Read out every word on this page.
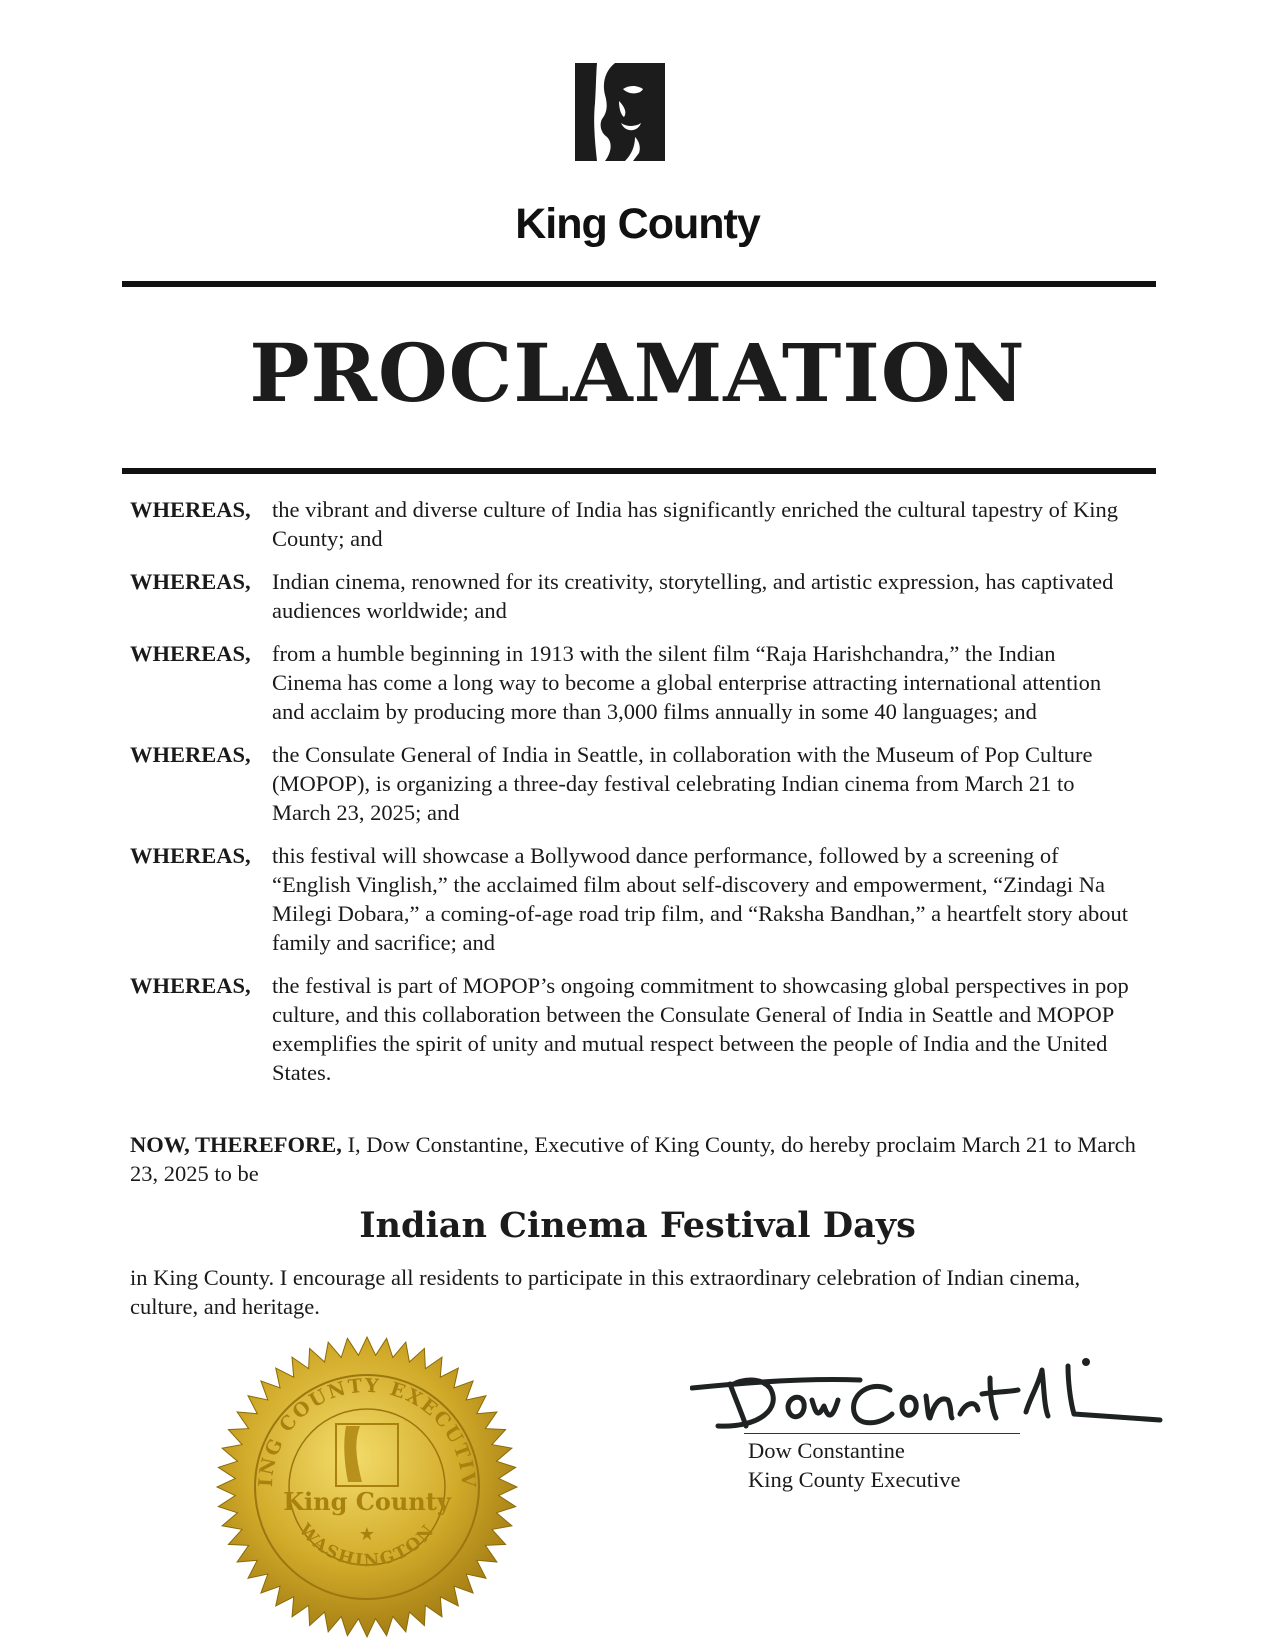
King County
PROCLAMATION
WHEREAS, the vibrant and diverse culture of India has significantly enriched the cultural tapestry of King County; and
WHEREAS, Indian cinema, renowned for its creativity, storytelling, and artistic expression, has captivated audiences worldwide; and
WHEREAS, from a humble beginning in 1913 with the silent film “Raja Harishchandra,” the Indian Cinema has come a long way to become a global enterprise attracting international attention and acclaim by producing more than 3,000 films annually in some 40 languages; and
WHEREAS, the Consulate General of India in Seattle, in collaboration with the Museum of Pop Culture (MOPOP), is organizing a three-day festival celebrating Indian cinema from March 21 to March 23, 2025; and
WHEREAS, this festival will showcase a Bollywood dance performance, followed by a screening of “English Vinglish,” the acclaimed film about self-discovery and empowerment, “Zindagi Na Milegi Dobara,” a coming-of-age road trip film, and “Raksha Bandhan,” a heartfelt story about family and sacrifice; and
WHEREAS, the festival is part of MOPOP’s ongoing commitment to showcasing global perspectives in pop culture, and this collaboration between the Consulate General of India in Seattle and MOPOP exemplifies the spirit of unity and mutual respect between the people of India and the United States.
NOW, THEREFORE, I, Dow Constantine, Executive of King County, do hereby proclaim March 21 to March 23, 2025 to be
Indian Cinema Festival Days
in King County. I encourage all residents to participate in this extraordinary celebration of Indian cinema, culture, and heritage.
ING COUNTY EXECUTIV
WASHINGTON
King County
★
Dow Constantine
King County Executive
